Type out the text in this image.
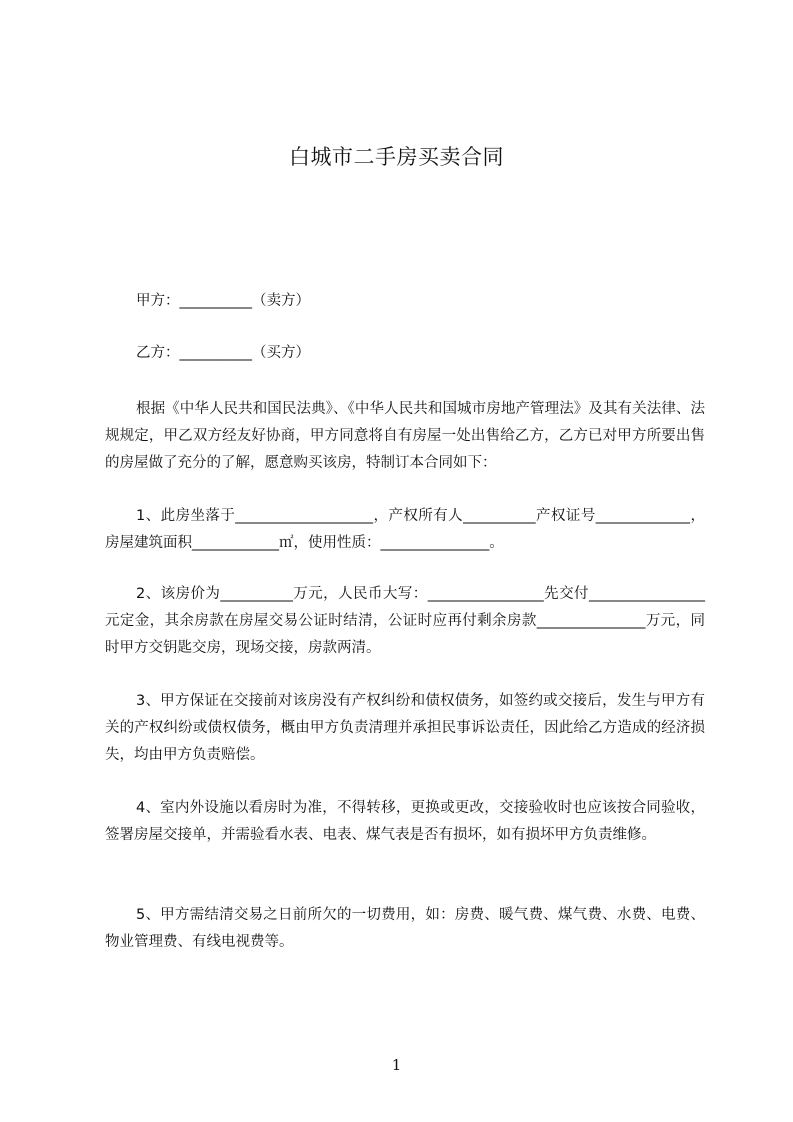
白城市二手房买卖合同

甲方：__________（卖方）

乙方：__________（买方）

根据《中华人民共和国民法典》、《中华人民共和国城市房地产管理法》及其有关法律、法规规定，甲乙双方经友好协商，甲方同意将自有房屋一处出售给乙方，乙方已对甲方所要出售的房屋做了充分的了解，愿意购买该房，特制订本合同如下：

1、此房坐落于___________________，产权所有人__________产权证号_____________，房屋建筑面积____________㎡，使用性质：_______________。

2、该房价为__________万元，人民币大写：________________先交付________________元定金，其余房款在房屋交易公证时结清，公证时应再付剩余房款_______________万元，同时甲方交钥匙交房，现场交接，房款两清。

3、甲方保证在交接前对该房没有产权纠纷和债权债务，如签约或交接后，发生与甲方有关的产权纠纷或债权债务，概由甲方负责清理并承担民事诉讼责任，因此给乙方造成的经济损失，均由甲方负责赔偿。

4、室内外设施以看房时为准，不得转移，更换或更改，交接验收时也应该按合同验收，签署房屋交接单，并需验看水表、电表、煤气表是否有损坏，如有损坏甲方负责维修。

5、甲方需结清交易之日前所欠的一切费用，如：房费、暖气费、煤气费、水费、电费、物业管理费、有线电视费等。

1
